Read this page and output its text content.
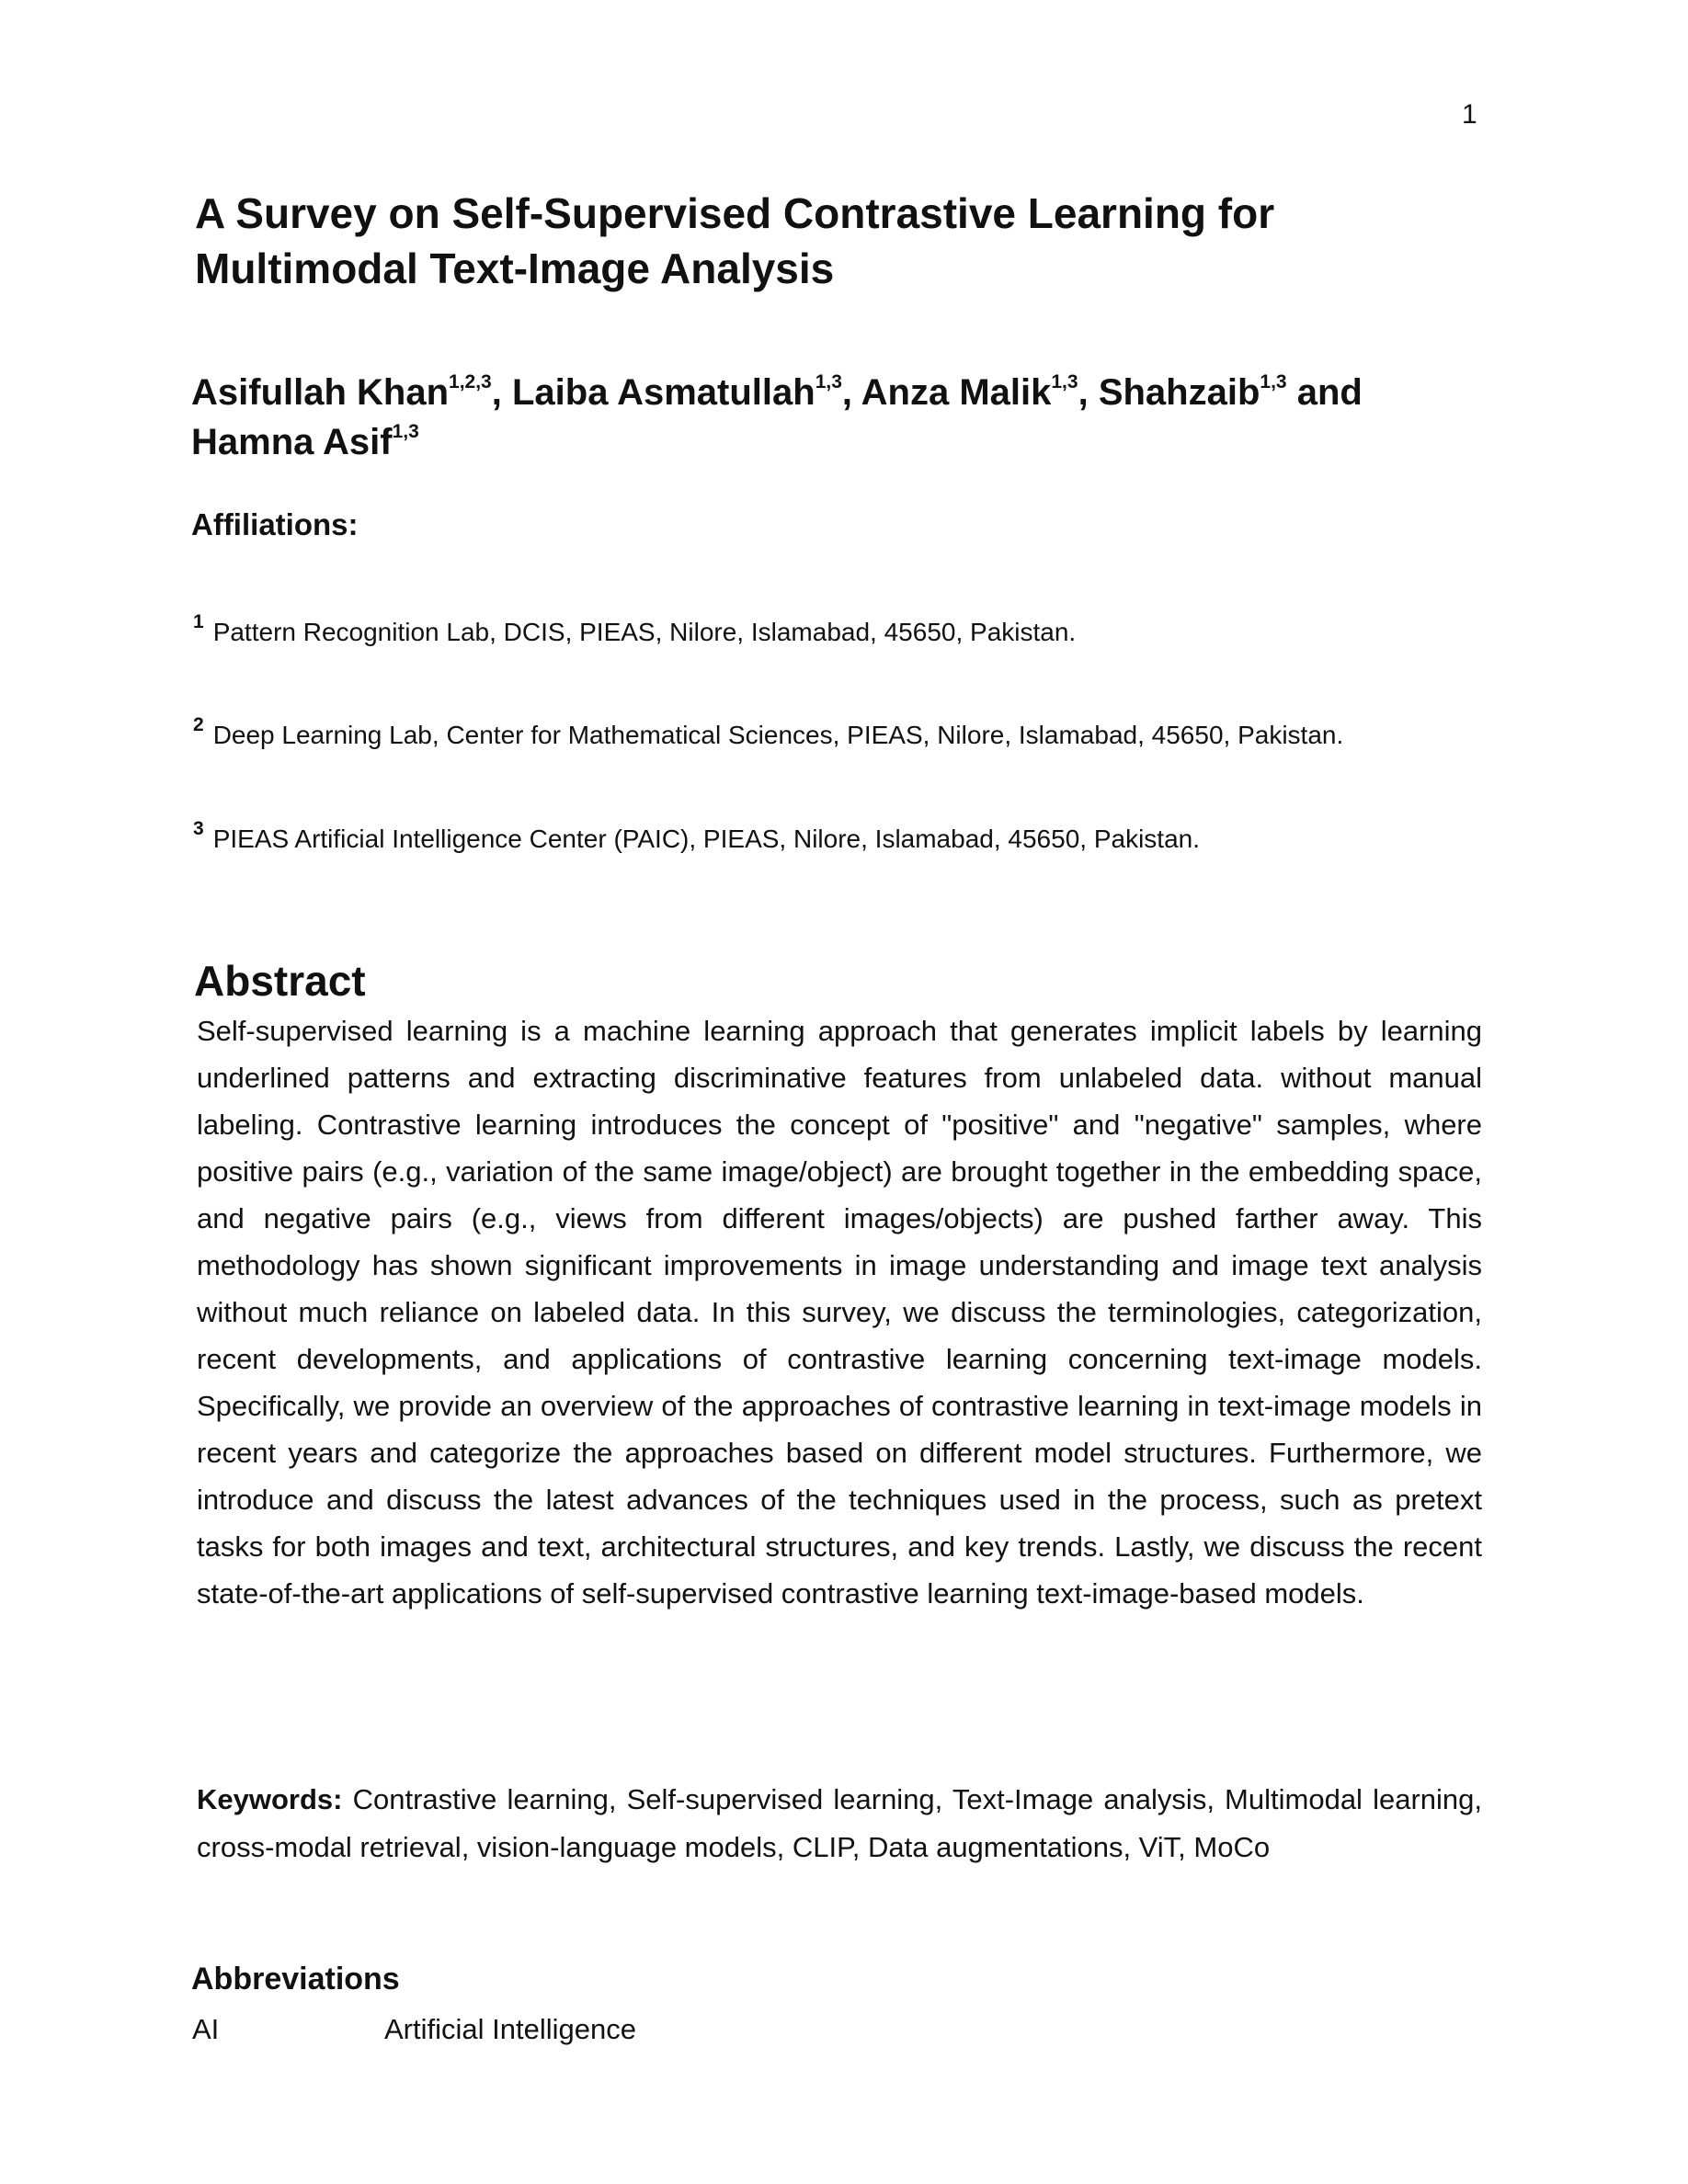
1
A Survey on Self-Supervised Contrastive Learning for Multimodal Text-Image Analysis
Asifullah Khan$^{1,2,3}$, Laiba Asmatullah$^{1,3}$, Anza Malik$^{1,3}$, Shahzaib$^{1,3}$ and
Hamna Asif$^{1,3}$
Affiliations:
$^1$ Pattern Recognition Lab, DCIS, PIEAS, Nilore, Islamabad, 45650, Pakistan.
$^2$ Deep Learning Lab, Center for Mathematical Sciences, PIEAS, Nilore, Islamabad, 45650, Pakistan.
$^3$ PIEAS Artificial Intelligence Center (PAIC), PIEAS, Nilore, Islamabad, 45650, Pakistan.
Abstract
Self-supervised learning is a machine learning approach that generates implicit labels by learning underlined patterns and extracting discriminative features from unlabeled data. without manual labeling. Contrastive learning introduces the concept of "positive" and "negative" samples, where positive pairs (e.g., variation of the same image/object) are brought together in the embedding space, and negative pairs (e.g., views from different images/objects) are pushed farther away. This methodology has shown significant improvements in image understanding and image text analysis without much reliance on labeled data. In this survey, we discuss the terminologies, categorization, recent developments, and applications of contrastive learning concerning text-image models. Specifically, we provide an overview of the approaches of contrastive learning in text-image models in recent years and categorize the approaches based on different model structures. Furthermore, we introduce and discuss the latest advances of the techniques used in the process, such as pretext tasks for both images and text, architectural structures, and key trends. Lastly, we discuss the recent state-of-the-art applications of self-supervised contrastive learning text-image-based models.
Keywords: Contrastive learning, Self-supervised learning, Text-Image analysis, Multimodal learning, cross-modal retrieval, vision-language models, CLIP, Data augmentations, ViT, MoCo
Abbreviations
AI	Artificial Intelligence
